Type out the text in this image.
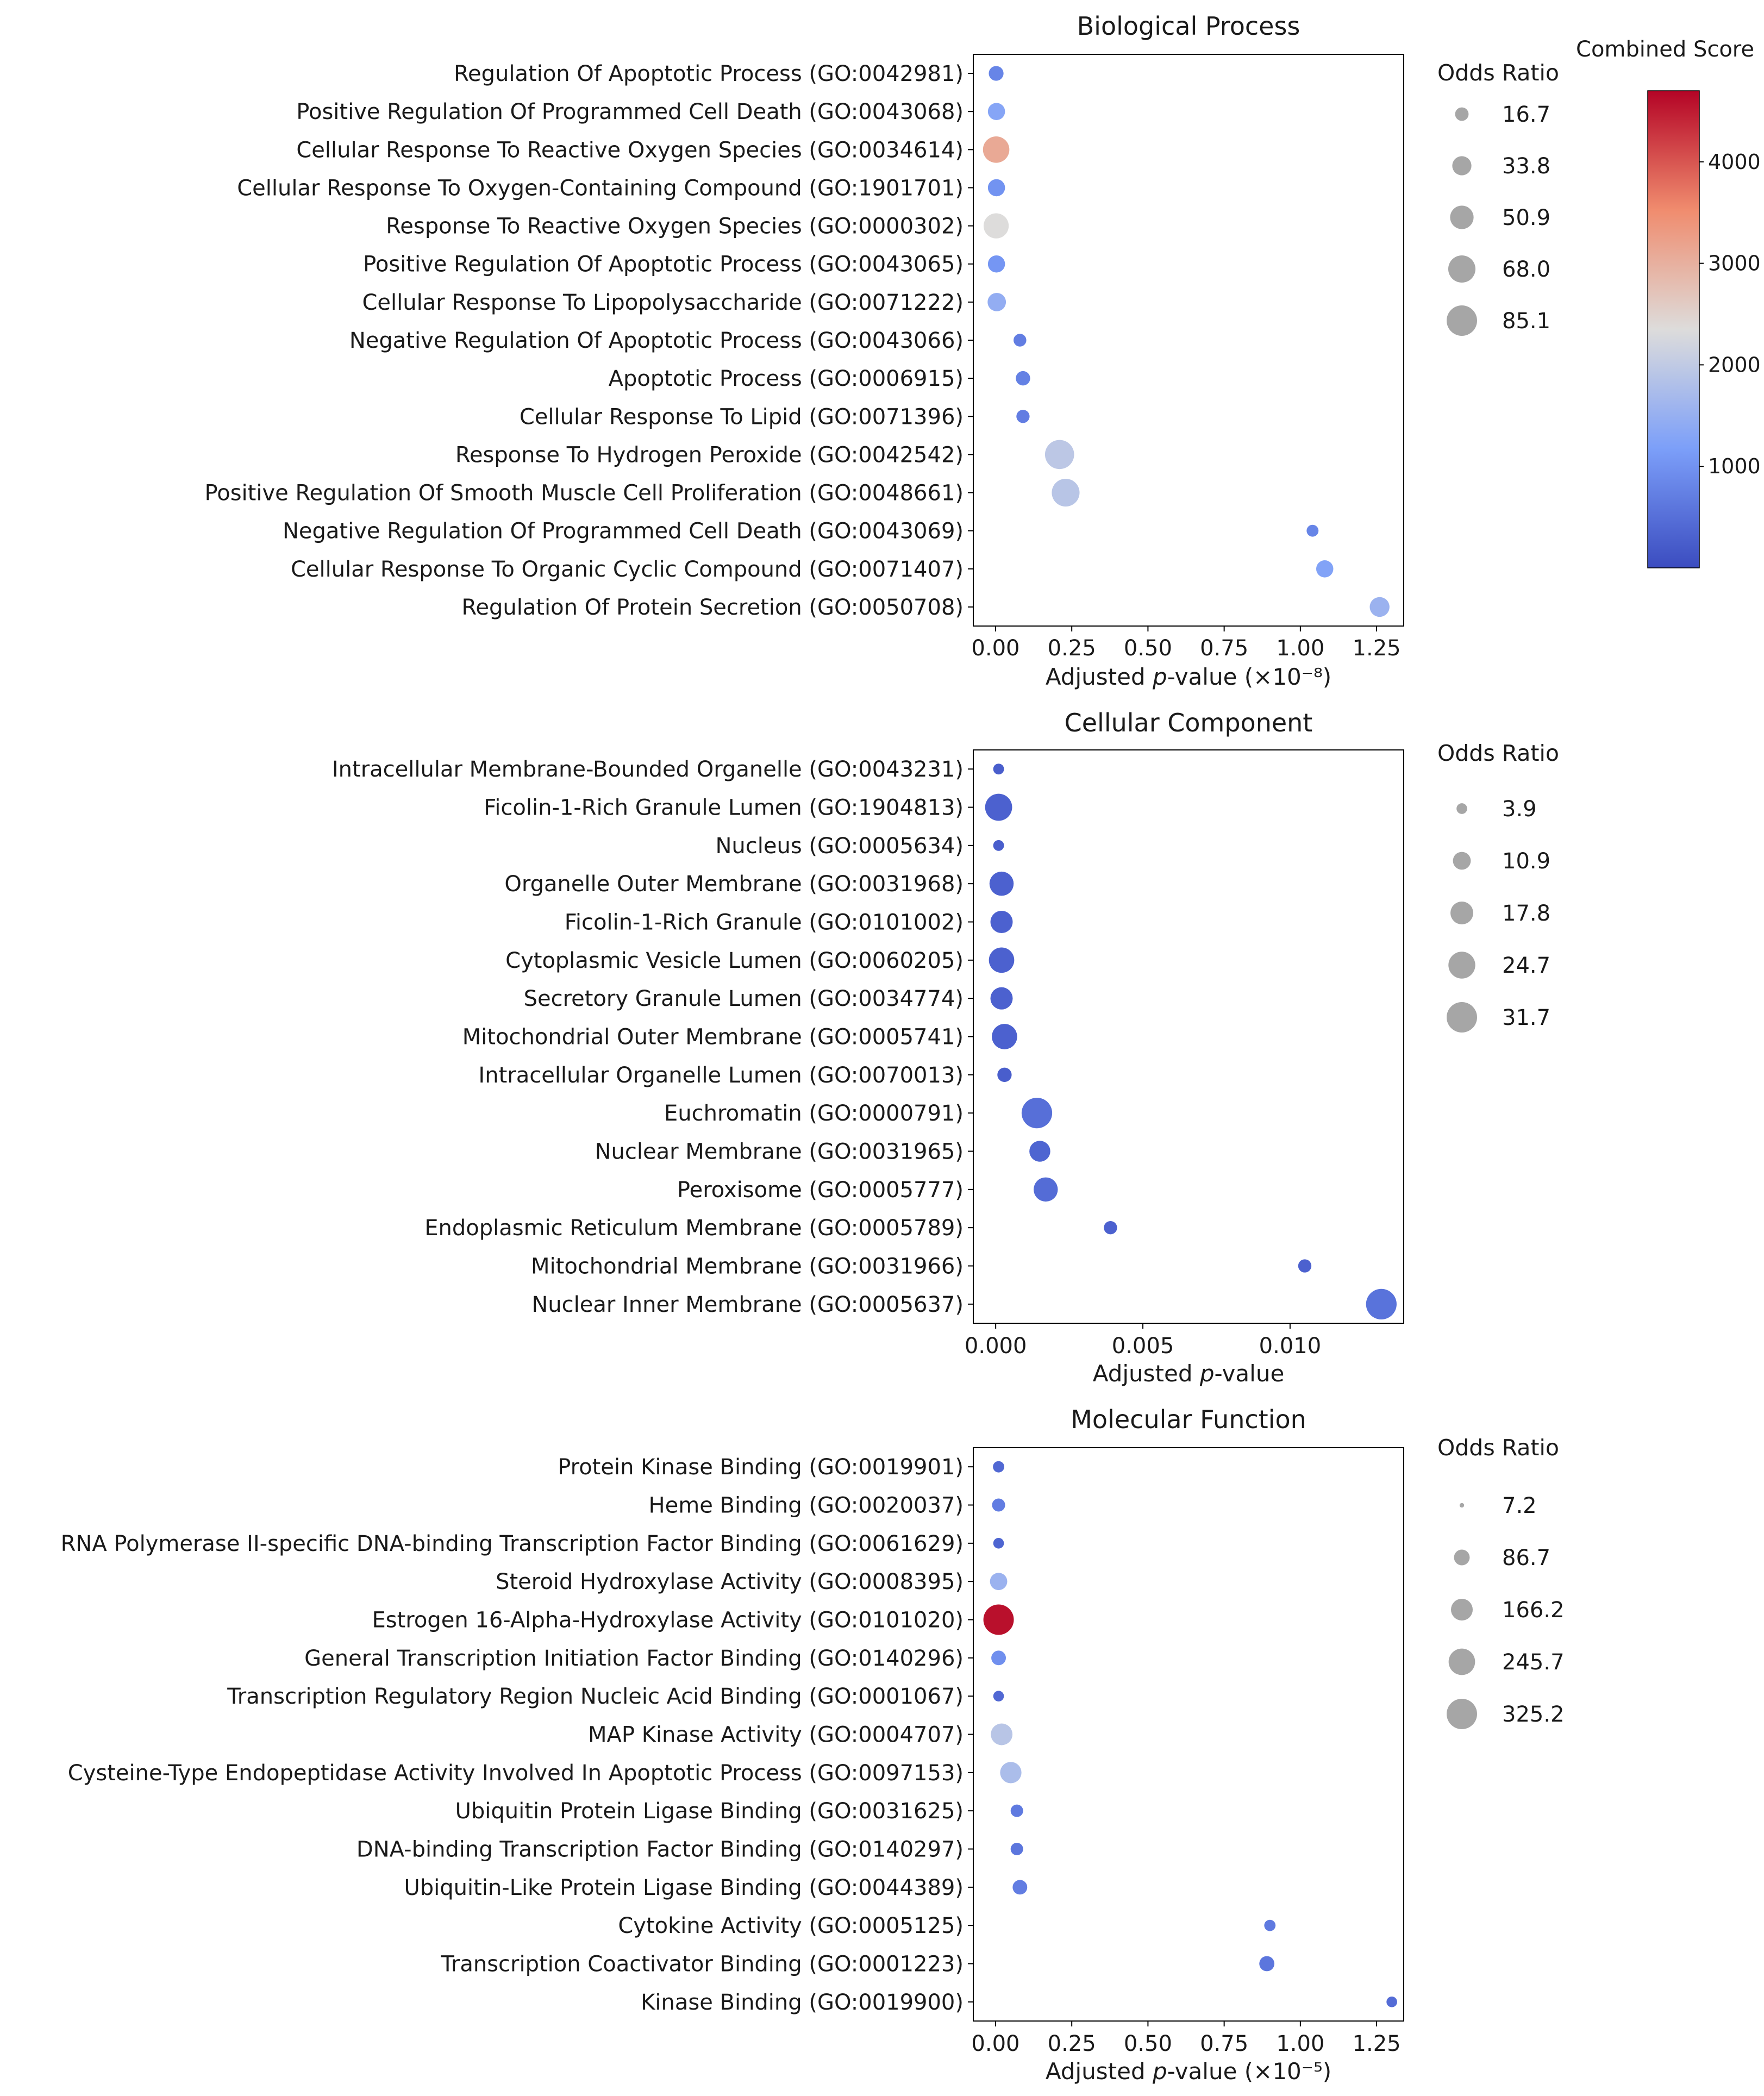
Biological Process
Regulation Of Apoptotic Process (GO:0042981)
Positive Regulation Of Programmed Cell Death (GO:0043068)
Cellular Response To Reactive Oxygen Species (GO:0034614)
Cellular Response To Oxygen-Containing Compound (GO:1901701)
Response To Reactive Oxygen Species (GO:0000302)
Positive Regulation Of Apoptotic Process (GO:0043065)
Cellular Response To Lipopolysaccharide (GO:0071222)
Negative Regulation Of Apoptotic Process (GO:0043066)
Apoptotic Process (GO:0006915)
Cellular Response To Lipid (GO:0071396)
Response To Hydrogen Peroxide (GO:0042542)
Positive Regulation Of Smooth Muscle Cell Proliferation (GO:0048661)
Negative Regulation Of Programmed Cell Death (GO:0043069)
Cellular Response To Organic Cyclic Compound (GO:0071407)
Regulation Of Protein Secretion (GO:0050708)
0.00 0.25 0.50 0.75 1.00 1.25
Adjusted p-value (×10⁻⁸)
Odds Ratio
16.7
33.8
50.9
68.0
85.1
Combined Score
4000
3000
2000
1000
Cellular Component
Intracellular Membrane-Bounded Organelle (GO:0043231)
Ficolin-1-Rich Granule Lumen (GO:1904813)
Nucleus (GO:0005634)
Organelle Outer Membrane (GO:0031968)
Ficolin-1-Rich Granule (GO:0101002)
Cytoplasmic Vesicle Lumen (GO:0060205)
Secretory Granule Lumen (GO:0034774)
Mitochondrial Outer Membrane (GO:0005741)
Intracellular Organelle Lumen (GO:0070013)
Euchromatin (GO:0000791)
Nuclear Membrane (GO:0031965)
Peroxisome (GO:0005777)
Endoplasmic Reticulum Membrane (GO:0005789)
Mitochondrial Membrane (GO:0031966)
Nuclear Inner Membrane (GO:0005637)
0.000	0.005	0.010
Adjusted p-value
Odds Ratio
3.9
10.9
17.8
24.7
31.7
Molecular Function
Protein Kinase Binding (GO:0019901)
Heme Binding (GO:0020037)
RNA Polymerase II-specific DNA-binding Transcription Factor Binding (GO:0061629)
Steroid Hydroxylase Activity (GO:0008395)
Estrogen 16-Alpha-Hydroxylase Activity (GO:0101020)
General Transcription Initiation Factor Binding (GO:0140296)
Transcription Regulatory Region Nucleic Acid Binding (GO:0001067)
MAP Kinase Activity (GO:0004707)
Cysteine-Type Endopeptidase Activity Involved In Apoptotic Process (GO:0097153)
Ubiquitin Protein Ligase Binding (GO:0031625)
DNA-binding Transcription Factor Binding (GO:0140297)
Ubiquitin-Like Protein Ligase Binding (GO:0044389)
Cytokine Activity (GO:0005125)
Transcription Coactivator Binding (GO:0001223)
Kinase Binding (GO:0019900)
0.00 0.25 0.50 0.75 1.00 1.25
Adjusted p-value (×10⁻⁵)
Odds Ratio
7.2
86.7
166.2
245.7
325.2
